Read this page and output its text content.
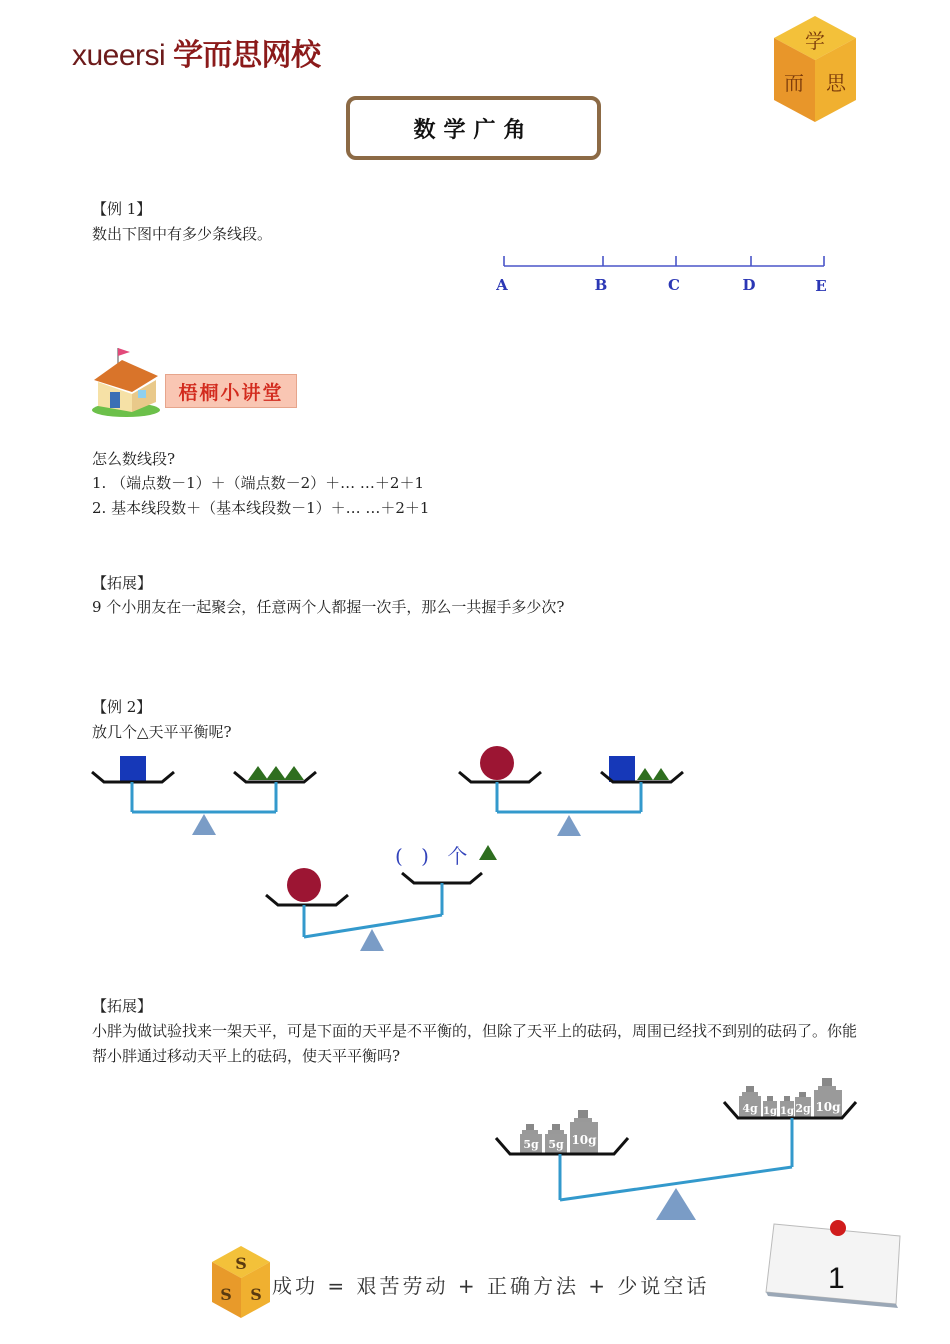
xueersi 学而思网校	学
而 思
数学广角
【例 1】
数出下图中有多少条线段。
A	B	C	D	E
梧桐小讲堂
怎么数线段?
1. （端点数－1）＋（端点数－2）＋… …＋2＋1
2. 基本线段数＋（基本线段数－1）＋… …＋2＋1
【拓展】
9 个小朋友在一起聚会，任意两个人都握一次手，那么一共握手多少次?
【例 2】
放几个△天平平衡呢?
( ) 个
【拓展】
小胖为做试验找来一架天平，可是下面的天平是不平衡的，但除了天平上的砝码，周围已经找不到别的砝码了。你能帮小胖通过移动天平上的砝码，使天平平衡吗?
5g 5g 10g
4g 1g 1g 2g 10g
S
S S 成功 = 艰苦劳动 + 正确方法 + 少说空话	1
